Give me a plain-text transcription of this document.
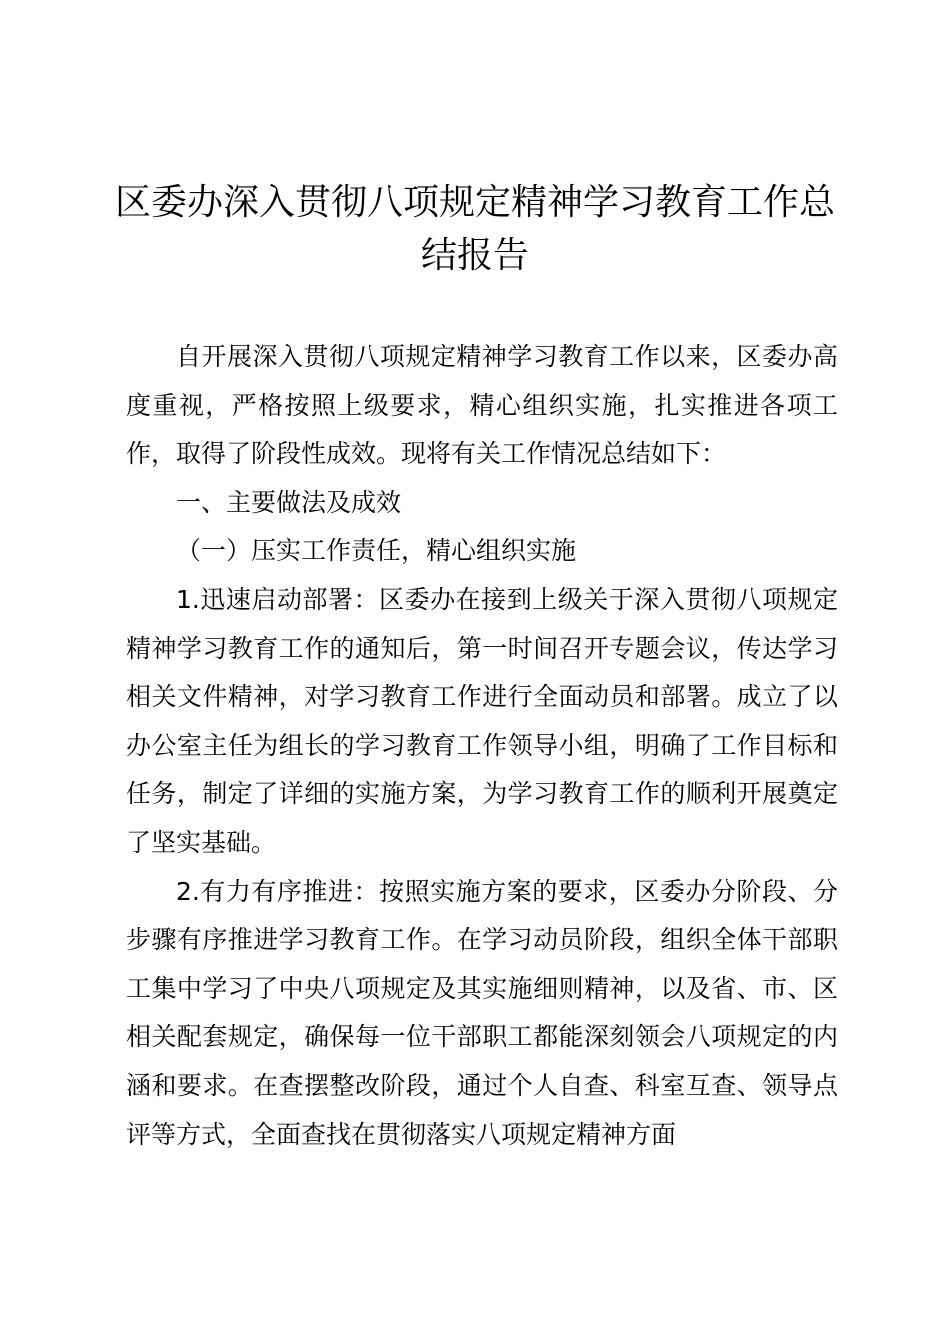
区委办深入贯彻八项规定精神学习教育工作总结报告

自开展深入贯彻八项规定精神学习教育工作以来，区委办高度重视，严格按照上级要求，精心组织实施，扎实推进各项工作，取得了阶段性成效。现将有关工作情况总结如下：

一、主要做法及成效

（一）压实工作责任，精心组织实施

1.迅速启动部署：区委办在接到上级关于深入贯彻八项规定精神学习教育工作的通知后，第一时间召开专题会议，传达学习相关文件精神，对学习教育工作进行全面动员和部署。成立了以办公室主任为组长的学习教育工作领导小组，明确了工作目标和任务，制定了详细的实施方案，为学习教育工作的顺利开展奠定了坚实基础。

2.有力有序推进：按照实施方案的要求，区委办分阶段、分步骤有序推进学习教育工作。在学习动员阶段，组织全体干部职工集中学习了中央八项规定及其实施细则精神，以及省、市、区相关配套规定，确保每一位干部职工都能深刻领会八项规定的内涵和要求。在查摆整改阶段，通过个人自查、科室互查、领导点评等方式，全面查找在贯彻落实八项规定精神方面
